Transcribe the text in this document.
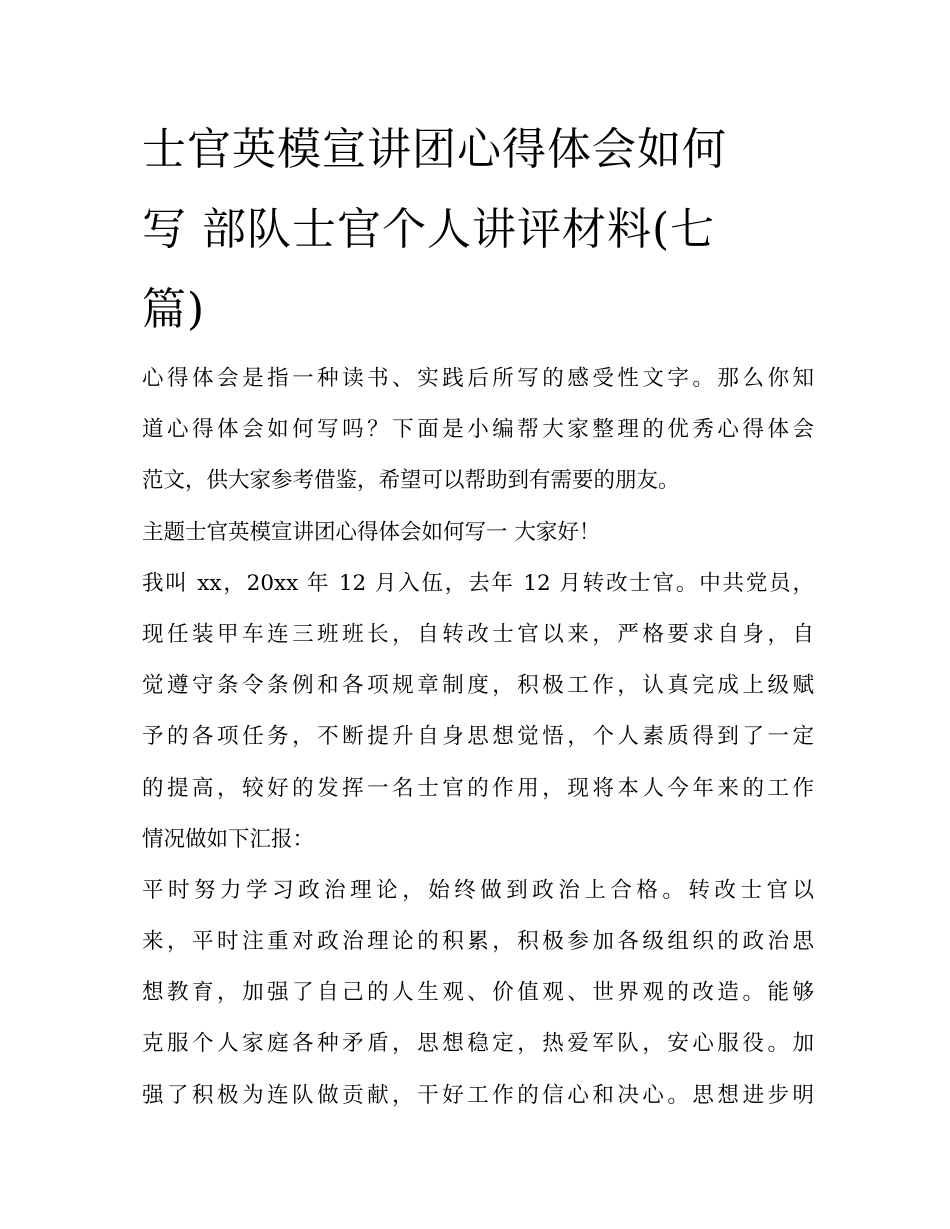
士官英模宣讲团心得体会如何
写 部队士官个人讲评材料(七
篇)
心得体会是指一种读书、实践后所写的感受性文字。那么你知
道心得体会如何写吗？下面是小编帮大家整理的优秀心得体会
范文，供大家参考借鉴，希望可以帮助到有需要的朋友。
主题士官英模宣讲团心得体会如何写一 大家好！
我叫 xx，20xx 年 12 月入伍，去年 12 月转改士官。中共党员，
现任装甲车连三班班长，自转改士官以来，严格要求自身，自
觉遵守条令条例和各项规章制度，积极工作，认真完成上级赋
予的各项任务，不断提升自身思想觉悟，个人素质得到了一定
的提高，较好的发挥一名士官的作用，现将本人今年来的工作
情况做如下汇报：
平时努力学习政治理论，始终做到政治上合格。转改士官以
来，平时注重对政治理论的积累，积极参加各级组织的政治思
想教育，加强了自己的人生观、价值观、世界观的改造。能够
克服个人家庭各种矛盾，思想稳定，热爱军队，安心服役。加
强了积极为连队做贡献，干好工作的信心和决心。思想进步明
